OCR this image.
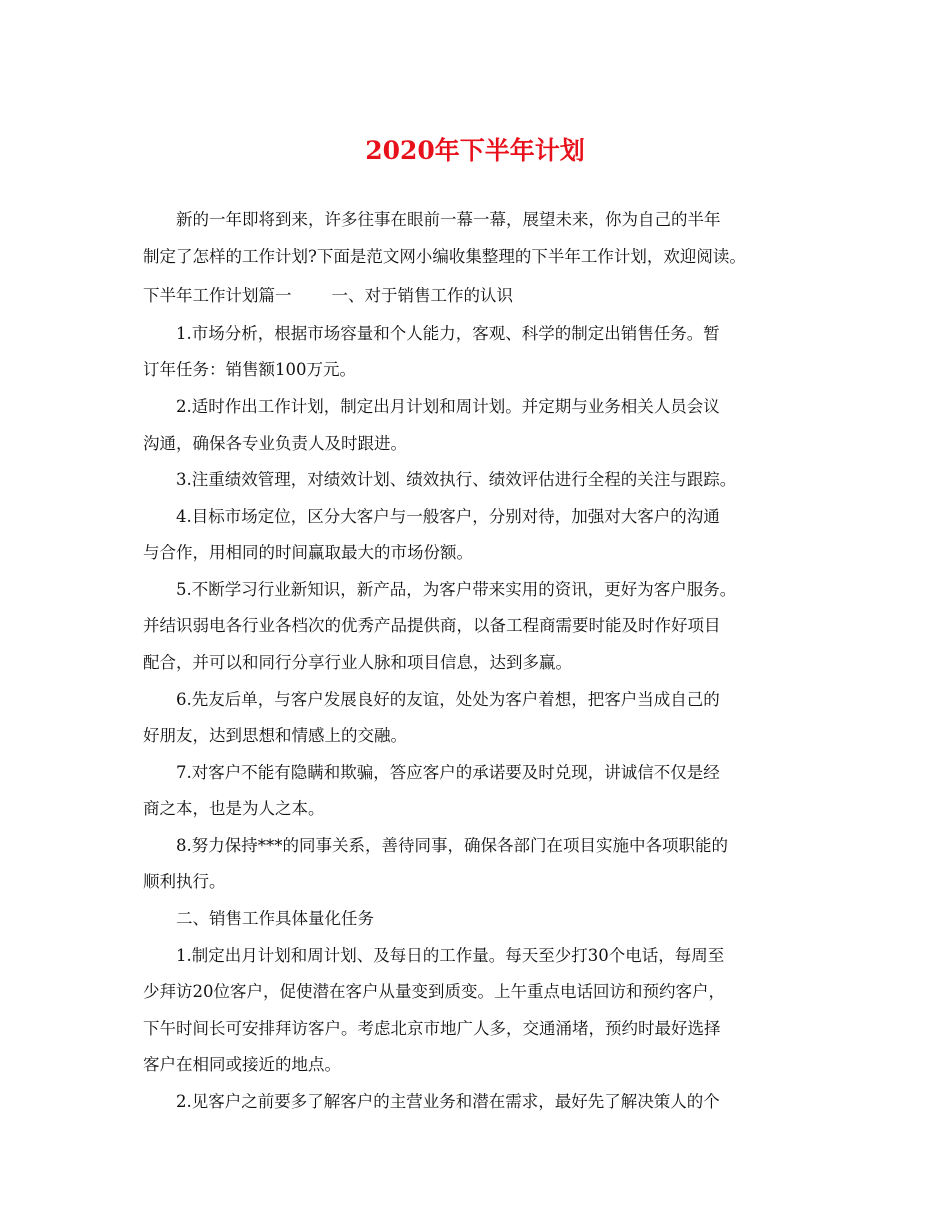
2020年下半年计划

新的一年即将到来，许多往事在眼前一幕一幕，展望未来，你为自己的半年

制定了怎样的工作计划?下面是范文网小编收集整理的下半年工作计划，欢迎阅读。

下半年工作计划篇一 一、对于销售工作的认识

1.市场分析，根据市场容量和个人能力，客观、科学的制定出销售任务。暂

订年任务：销售额100万元。

2.适时作出工作计划，制定出月计划和周计划。并定期与业务相关人员会议

沟通，确保各专业负责人及时跟进。

3.注重绩效管理，对绩效计划、绩效执行、绩效评估进行全程的关注与跟踪。

4.目标市场定位，区分大客户与一般客户，分别对待，加强对大客户的沟通

与合作，用相同的时间赢取最大的市场份额。

5.不断学习行业新知识，新产品，为客户带来实用的资讯，更好为客户服务。

并结识弱电各行业各档次的优秀产品提供商，以备工程商需要时能及时作好项目

配合，并可以和同行分享行业人脉和项目信息，达到多赢。

6.先友后单，与客户发展良好的友谊，处处为客户着想，把客户当成自己的

好朋友，达到思想和情感上的交融。

7.对客户不能有隐瞒和欺骗，答应客户的承诺要及时兑现，讲诚信不仅是经

商之本，也是为人之本。

8.努力保持***的同事关系，善待同事，确保各部门在项目实施中各项职能的

顺利执行。

二、销售工作具体量化任务

1.制定出月计划和周计划、及每日的工作量。每天至少打30个电话，每周至

少拜访20位客户，促使潜在客户从量变到质变。上午重点电话回访和预约客户，

下午时间长可安排拜访客户。考虑北京市地广人多，交通涌堵，预约时最好选择

客户在相同或接近的地点。

2.见客户之前要多了解客户的主营业务和潜在需求，最好先了解决策人的个
